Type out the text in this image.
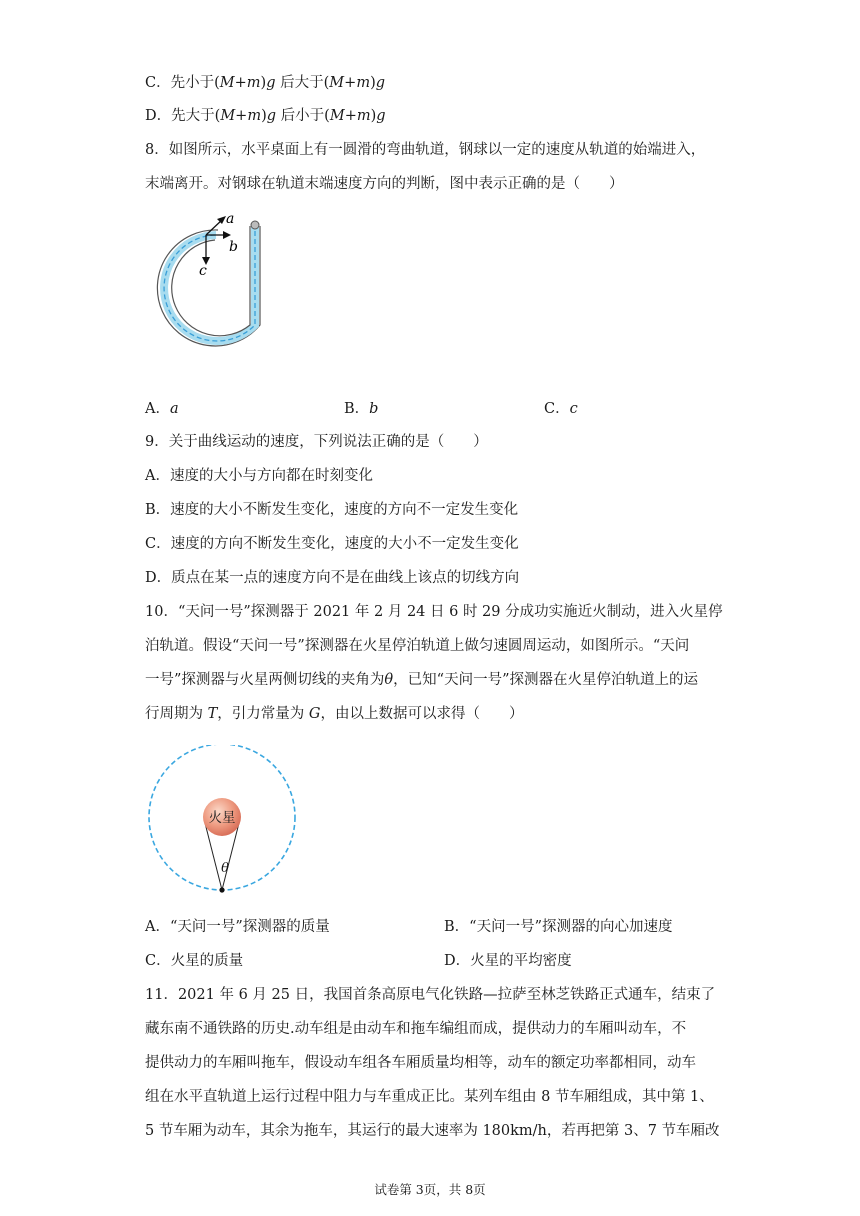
C．先小于(M+m)g 后大于(M+m)g
D．先大于(M+m)g 后小于(M+m)g
8．如图所示，水平桌面上有一圆滑的弯曲轨道，钢球以一定的速度从轨道的始端进入，
末端离开。对钢球在轨道末端速度方向的判断，图中表示正确的是（　　）
a
b
c
A．a	B．b	C．c
9．关于曲线运动的速度，下列说法正确的是（　　）
A．速度的大小与方向都在时刻变化
B．速度的大小不断发生变化，速度的方向不一定发生变化
C．速度的方向不断发生变化，速度的大小不一定发生变化
D．质点在某一点的速度方向不是在曲线上该点的切线方向
10．“天问一号”探测器于 2021 年 2 月 24 日 6 时 29 分成功实施近火制动，进入火星停
泊轨道。假设“天问一号”探测器在火星停泊轨道上做匀速圆周运动，如图所示。“天问
一号”探测器与火星两侧切线的夹角为θ，已知“天问一号”探测器在火星停泊轨道上的运
行周期为 T，引力常量为 G，由以上数据可以求得（　　）
火星
θ
A．“天问一号”探测器的质量	B．“天问一号”探测器的向心加速度
C．火星的质量	D．火星的平均密度
11．2021 年 6 月 25 日，我国首条高原电气化铁路—拉萨至林芝铁路正式通车，结束了
藏东南不通铁路的历史.动车组是由动车和拖车编组而成，提供动力的车厢叫动车，不
提供动力的车厢叫拖车，假设动车组各车厢质量均相等，动车的额定功率都相同，动车
组在水平直轨道上运行过程中阻力与车重成正比。某列车组由 8 节车厢组成，其中第 1、
5 节车厢为动车，其余为拖车，其运行的最大速率为 180km/h，若再把第 3、7 节车厢改
试卷第 3页，共 8页
